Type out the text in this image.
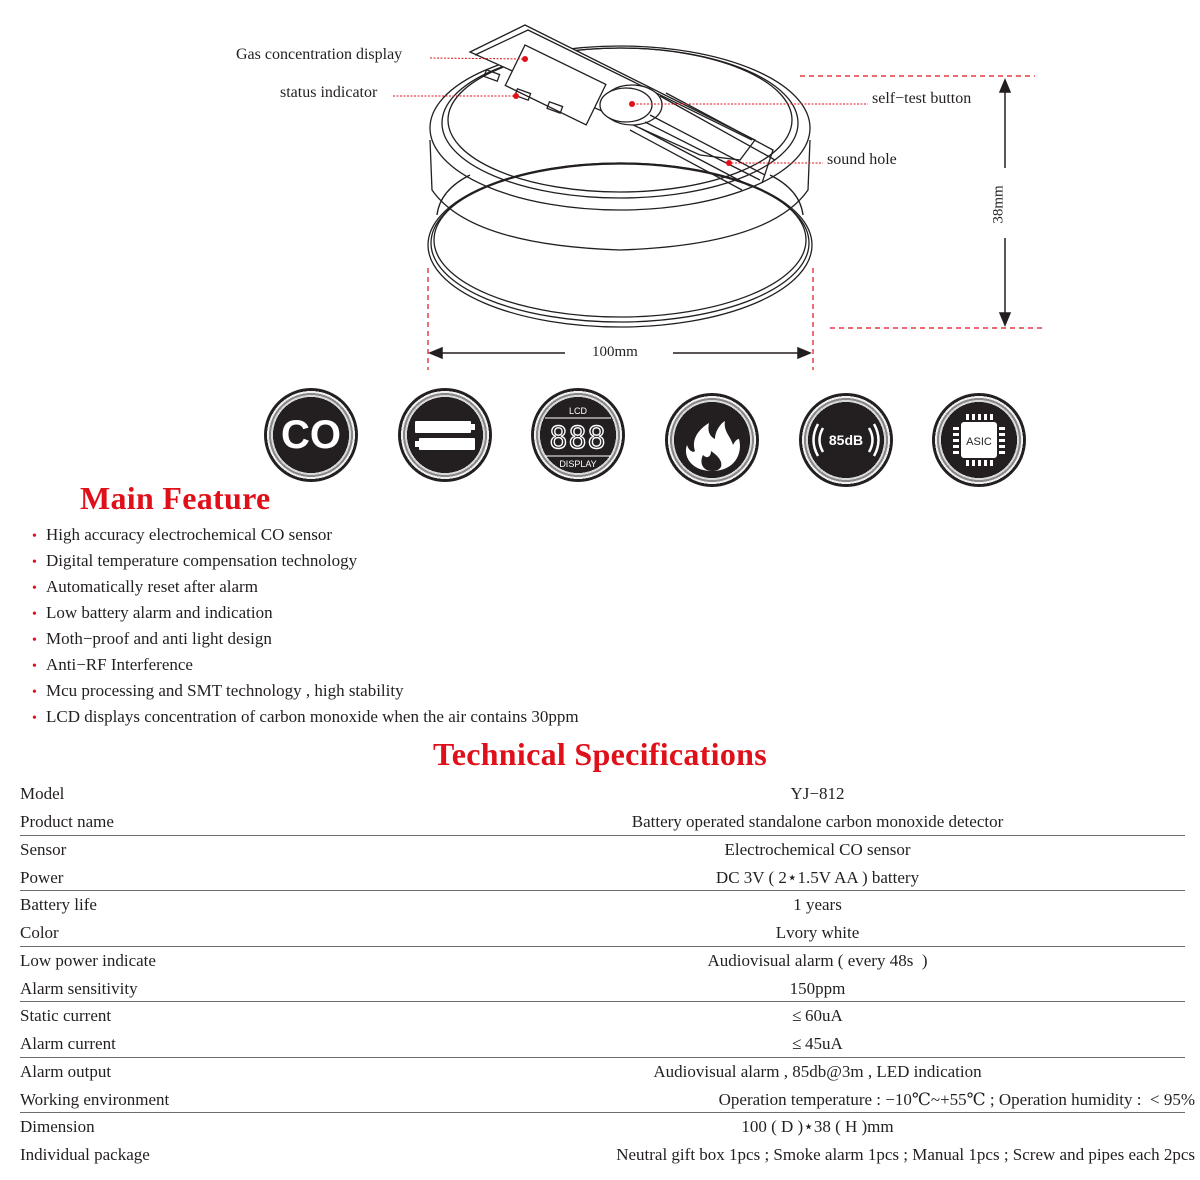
Gas concentration display
status indicator	self−test button
sound hole
38mm
100mm
CO
LCD
888
DISPLAY
85dB	ASIC
Main Feature
• High accuracy electrochemical CO sensor
• Digital temperature compensation technology
• Automatically reset after alarm
• Low battery alarm and indication
• Moth−proof and anti light design
• Anti−RF Interference
• Mcu processing and SMT technology , high stability
• LCD displays concentration of carbon monoxide when the air contains 30ppm
Technical Specifications
Model	YJ−812
Product name	Battery operated standalone carbon monoxide detector
Sensor	Electrochemical CO sensor
Power	DC 3V ( 2⋆1.5V AA ) battery
Battery life	1 years
Color	Lvory white
Low power indicate	Audiovisual alarm ( every 48s  )
Alarm sensitivity	150ppm
Static current	≤ 60uA
Alarm current	≤ 45uA
Alarm output	Audiovisual alarm , 85db@3m , LED indication
Working environment	Operation temperature : −10℃~+55℃ ; Operation humidity :  < 95%
Dimension	100 ( D )⋆38 ( H )mm
Individual package	Neutral gift box 1pcs ; Smoke alarm 1pcs ; Manual 1pcs ; Screw and pipes each 2pcs
